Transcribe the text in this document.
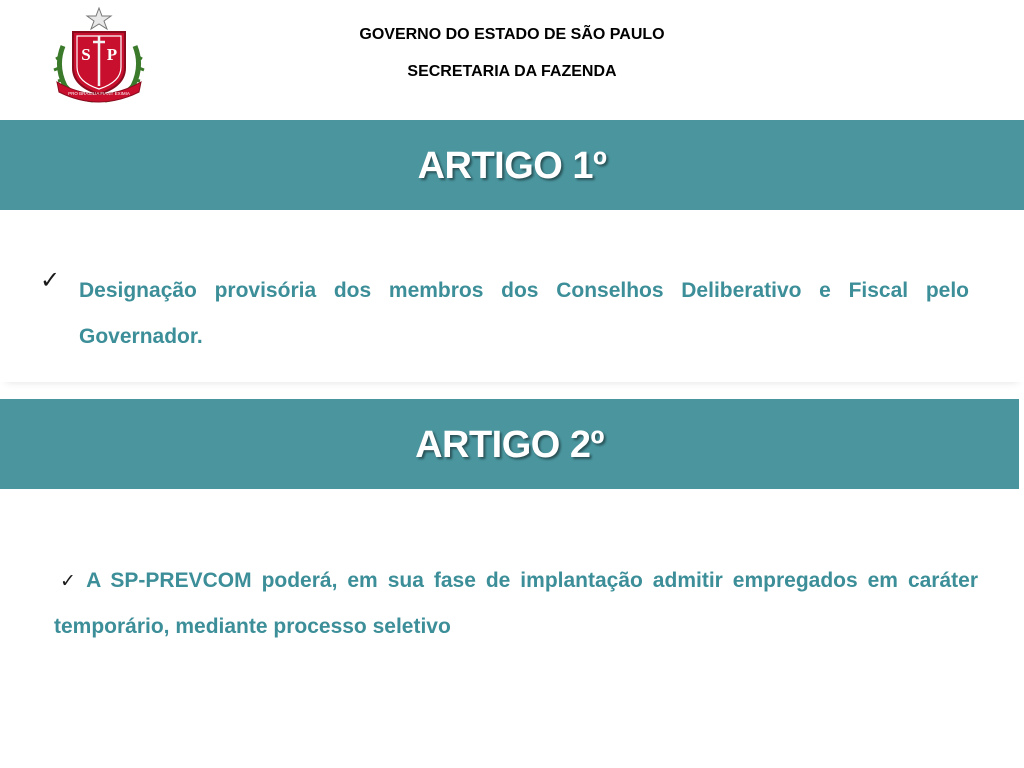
S P
PRO BRASILIA FIANT EXIMIA
GOVERNO DO ESTADO DE SÃO PAULO
SECRETARIA DA FAZENDA
ARTIGO 1º
✓ Designação provisória dos membros dos Conselhos Deliberativo e Fiscal pelo Governador.
ARTIGO 2º
✓ A SP-PREVCOM poderá, em sua fase de implantação admitir empregados em caráter temporário, mediante processo seletivo
